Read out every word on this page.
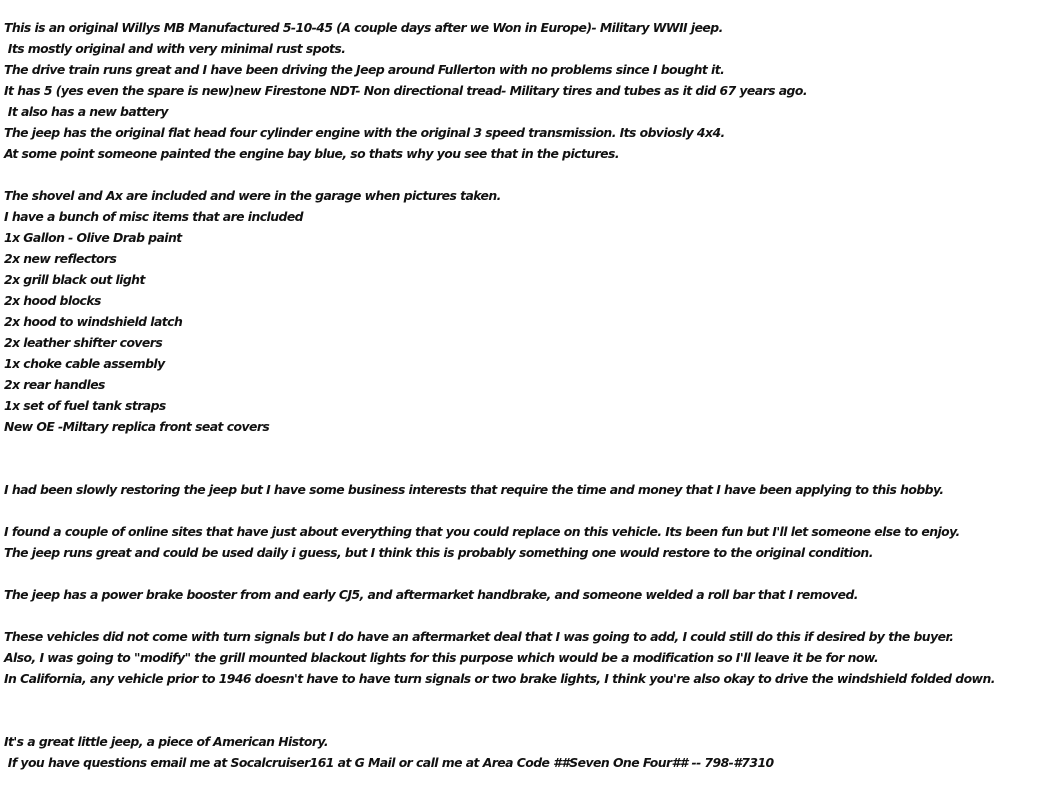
This is an original Willys MB Manufactured 5-10-45 (A couple days after we Won in Europe)- Military WWII jeep.
Its mostly original and with very minimal rust spots.
The drive train runs great and I have been driving the Jeep around Fullerton with no problems since I bought it.
It has 5 (yes even the spare is new)new Firestone NDT- Non directional tread- Military tires and tubes as it did 67 years ago.
It also has a new battery
The jeep has the original flat head four cylinder engine with the original 3 speed transmission. Its obviosly 4x4.
At some point someone painted the engine bay blue, so thats why you see that in the pictures.
The shovel and Ax are included and were in the garage when pictures taken.
I have a bunch of misc items that are included
1x Gallon - Olive Drab paint
2x new reflectors
2x grill black out light
2x hood blocks
2x hood to windshield latch
2x leather shifter covers
1x choke cable assembly
2x rear handles
1x set of fuel tank straps
New OE -Miltary replica front seat covers
I had been slowly restoring the jeep but I have some business interests that require the time and money that I have been applying to this hobby.
I found a couple of online sites that have just about everything that you could replace on this vehicle. Its been fun but I'll let someone else to enjoy.
The jeep runs great and could be used daily i guess, but I think this is probably something one would restore to the original condition.
The jeep has a power brake booster from and early CJ5, and aftermarket handbrake, and someone welded a roll bar that I removed.
These vehicles did not come with turn signals but I do have an aftermarket deal that I was going to add, I could still do this if desired by the buyer.
Also, I was going to "modify" the grill mounted blackout lights for this purpose which would be a modification so I'll leave it be for now.
In California, any vehicle prior to 1946 doesn't have to have turn signals or two brake lights, I think you're also okay to drive the windshield folded down.
It's a great little jeep, a piece of American History.
If you have questions email me at Socalcruiser161 at G Mail or call me at Area Code ##Seven One Four## -- 798-#7310
